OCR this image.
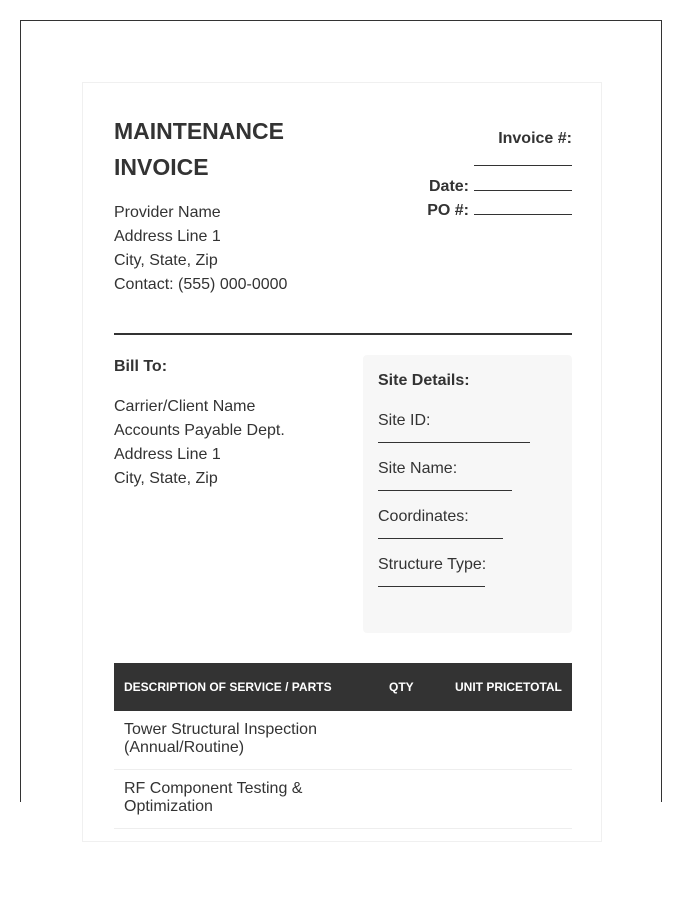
MAINTENANCE INVOICE
Provider Name
Address Line 1
City, State, Zip
Contact: (555) 000-0000
Invoice #:
Date:
PO #:
Bill To:
Carrier/Client Name
Accounts Payable Dept.
Address Line 1
City, State, Zip
Site Details:
Site ID:
Site Name:
Coordinates:
Structure Type:
DESCRIPTION OF SERVICE / PARTS	QTY	UNIT PRICE TOTAL
Tower Structural Inspection (Annual/Routine)
RF Component Testing & Optimization
